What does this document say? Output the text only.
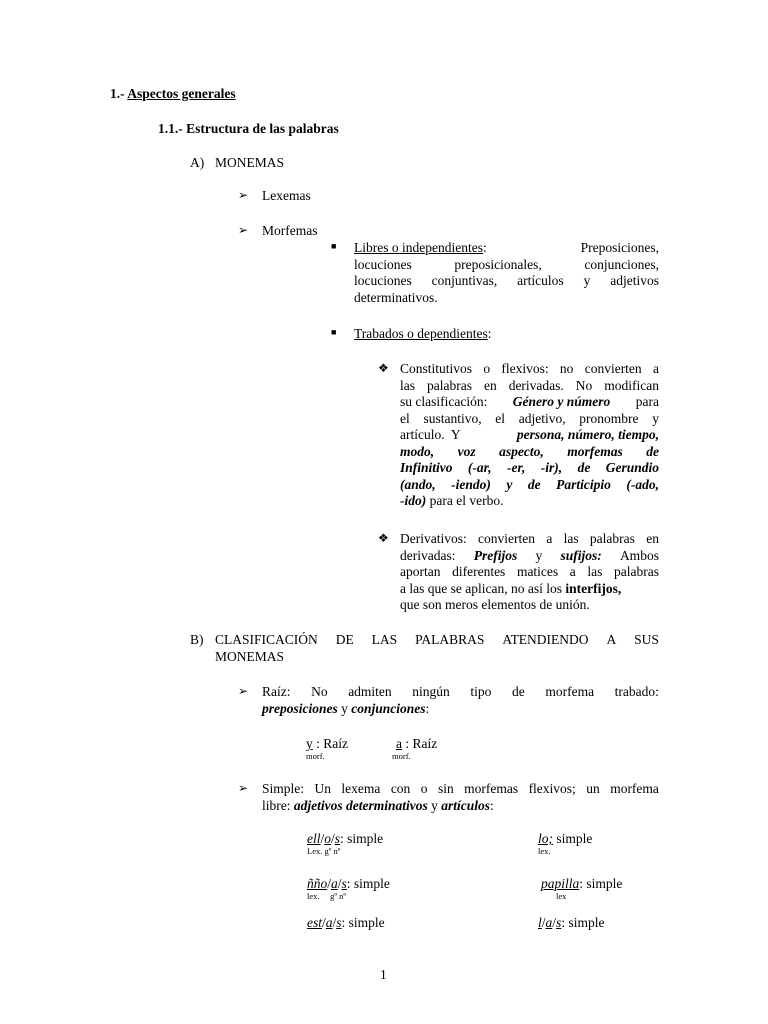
1.- Aspectos generales
1.1.- Estructura de las palabras
A) MONEMAS
➢ Lexemas
➢ Morfemas
■ Libres o independientes:	Preposiciones,
locuciones	preposicionales,	conjunciones,
locuciones conjuntivas, artículos y adjetivos
determinativos.
■ Trabados o dependientes:
❖ Constitutivos o flexivos: no convierten a
las palabras en derivadas. No modifican
su clasificación: Género y número para
el sustantivo, el adjetivo, pronombre y
artículo.  Y	persona, número, tiempo,
modo, voz aspecto, morfemas de
Infinitivo (-ar, -er, -ir), de Gerundio
(ando, -iendo) y de Participio (-ado,
-ido) para el verbo.
❖ Derivativos: convierten a las palabras en
derivadas: Prefijos y sufijos: Ambos
aportan diferentes matices a las palabras
a las que se aplican, no así los interfijos,
que son meros elementos de unión.
B) CLASIFICACIÓN DE LAS PALABRAS ATENDIENDO A SUS
MONEMAS
➢ Raíz: No admiten ningún tipo de morfema trabado:
preposiciones y conjunciones:
y : Raíz
morf.
a : Raíz
morf.
➢ Simple: Un lexema con o sin morfemas flexivos; un morfema
libre: adjetivos determinativos y artículos:
ell/o/s: simple
Lex. gº nº
lo; simple
lex.
ñño/a/s: simple
lex.     gº nº
papilla: simple
lex
est/a/s: simple	l/a/s: simple
1
